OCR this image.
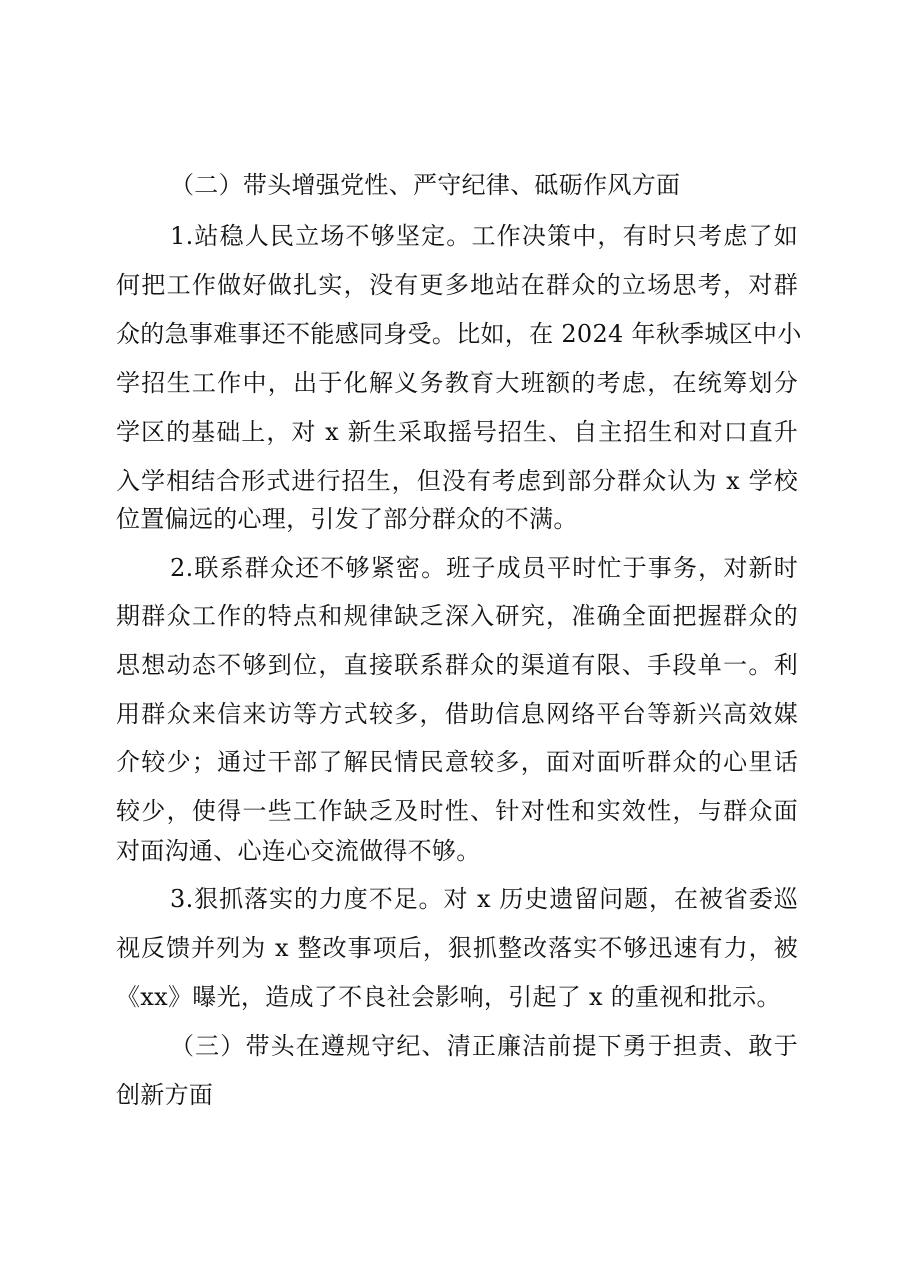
（二）带头增强党性、严守纪律、砥砺作风方面
1.站稳人民立场不够坚定。工作决策中，有时只考虑了如
何把工作做好做扎实，没有更多地站在群众的立场思考，对群
众的急事难事还不能感同身受。比如，在 2024 年秋季城区中小
学招生工作中，出于化解义务教育大班额的考虑，在统筹划分
学区的基础上，对 x 新生采取摇号招生、自主招生和对口直升
入学相结合形式进行招生，但没有考虑到部分群众认为 x 学校
位置偏远的心理，引发了部分群众的不满。
2.联系群众还不够紧密。班子成员平时忙于事务，对新时
期群众工作的特点和规律缺乏深入研究，准确全面把握群众的
思想动态不够到位，直接联系群众的渠道有限、手段单一。利
用群众来信来访等方式较多，借助信息网络平台等新兴高效媒
介较少；通过干部了解民情民意较多，面对面听群众的心里话
较少，使得一些工作缺乏及时性、针对性和实效性，与群众面
对面沟通、心连心交流做得不够。
3.狠抓落实的力度不足。对 x 历史遗留问题，在被省委巡
视反馈并列为 x 整改事项后，狠抓整改落实不够迅速有力，被
《xx》曝光，造成了不良社会影响，引起了 x 的重视和批示。
（三）带头在遵规守纪、清正廉洁前提下勇于担责、敢于
创新方面
